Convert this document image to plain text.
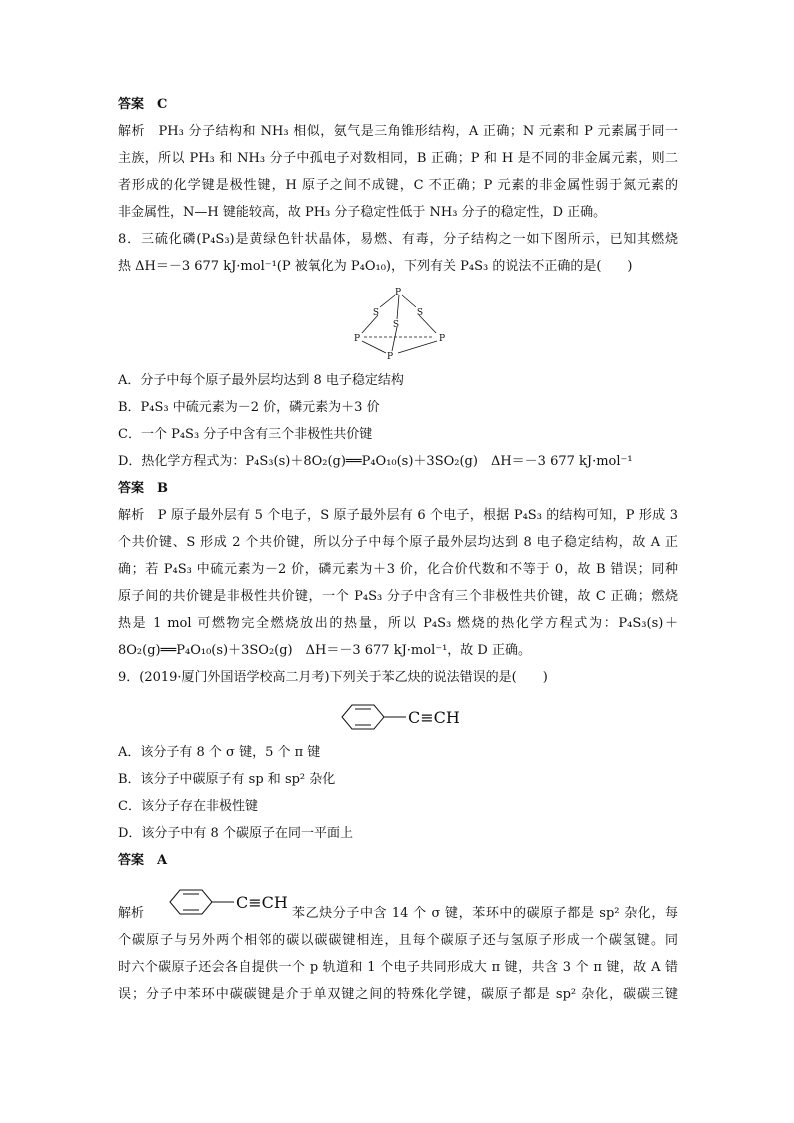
答案　C
解析　PH₃ 分子结构和 NH₃ 相似，氨气是三角锥形结构，A 正确；N 元素和 P 元素属于同一
主族，所以 PH₃ 和 NH₃ 分子中孤电子对数相同，B 正确；P 和 H 是不同的非金属元素，则二
者形成的化学键是极性键，H 原子之间不成键，C 不正确；P 元素的非金属性弱于氮元素的
非金属性，N—H 键能较高，故 PH₃ 分子稳定性低于 NH₃ 分子的稳定性，D 正确。
8．三硫化磷(P₄S₃)是黄绿色针状晶体，易燃、有毒，分子结构之一如下图所示，已知其燃烧
热 ΔH＝－3 677 kJ·mol⁻¹(P 被氧化为 P₄O₁₀)，下列有关 P₄S₃ 的说法不正确的是(　　)
P
S
S
S
P	P
P
A．分子中每个原子最外层均达到 8 电子稳定结构
B．P₄S₃ 中硫元素为－2 价，磷元素为＋3 价
C．一个 P₄S₃ 分子中含有三个非极性共价键
D．热化学方程式为：P₄S₃(s)＋8O₂(g)══P₄O₁₀(s)＋3SO₂(g)　ΔH＝－3 677 kJ·mol⁻¹
答案　B
解析　P 原子最外层有 5 个电子，S 原子最外层有 6 个电子，根据 P₄S₃ 的结构可知，P 形成 3
个共价键、S 形成 2 个共价键，所以分子中每个原子最外层均达到 8 电子稳定结构，故 A 正
确；若 P₄S₃ 中硫元素为－2 价，磷元素为＋3 价，化合价代数和不等于 0，故 B 错误；同种
原子间的共价键是非极性共价键，一个 P₄S₃ 分子中含有三个非极性共价键，故 C 正确；燃烧
热是 1 mol 可燃物完全燃烧放出的热量，所以 P₄S₃ 燃烧的热化学方程式为：P₄S₃(s)＋
8O₂(g)══P₄O₁₀(s)＋3SO₂(g)　ΔH＝－3 677 kJ·mol⁻¹，故 D 正确。
9．(2019·厦门外国语学校高二月考)下列关于苯乙炔的说法错误的是(　　)
C≡CH
A．该分子有 8 个 σ 键，5 个 π 键
B．该分子中碳原子有 sp 和 sp² 杂化
C．该分子存在非极性键
D．该分子中有 8 个碳原子在同一平面上
答案　A
解析
C≡CH
苯乙炔分子中含 14 个 σ 键，苯环中的碳原子都是 sp² 杂化，每
个碳原子与另外两个相邻的碳以碳碳键相连，且每个碳原子还与氢原子形成一个碳氢键。同
时六个碳原子还会各自提供一个 p 轨道和 1 个电子共同形成大 π 键，共含 3 个 π 键，故 A 错
误；分子中苯环中碳碳键是介于单双键之间的特殊化学键，碳原子都是 sp² 杂化，碳碳三键
